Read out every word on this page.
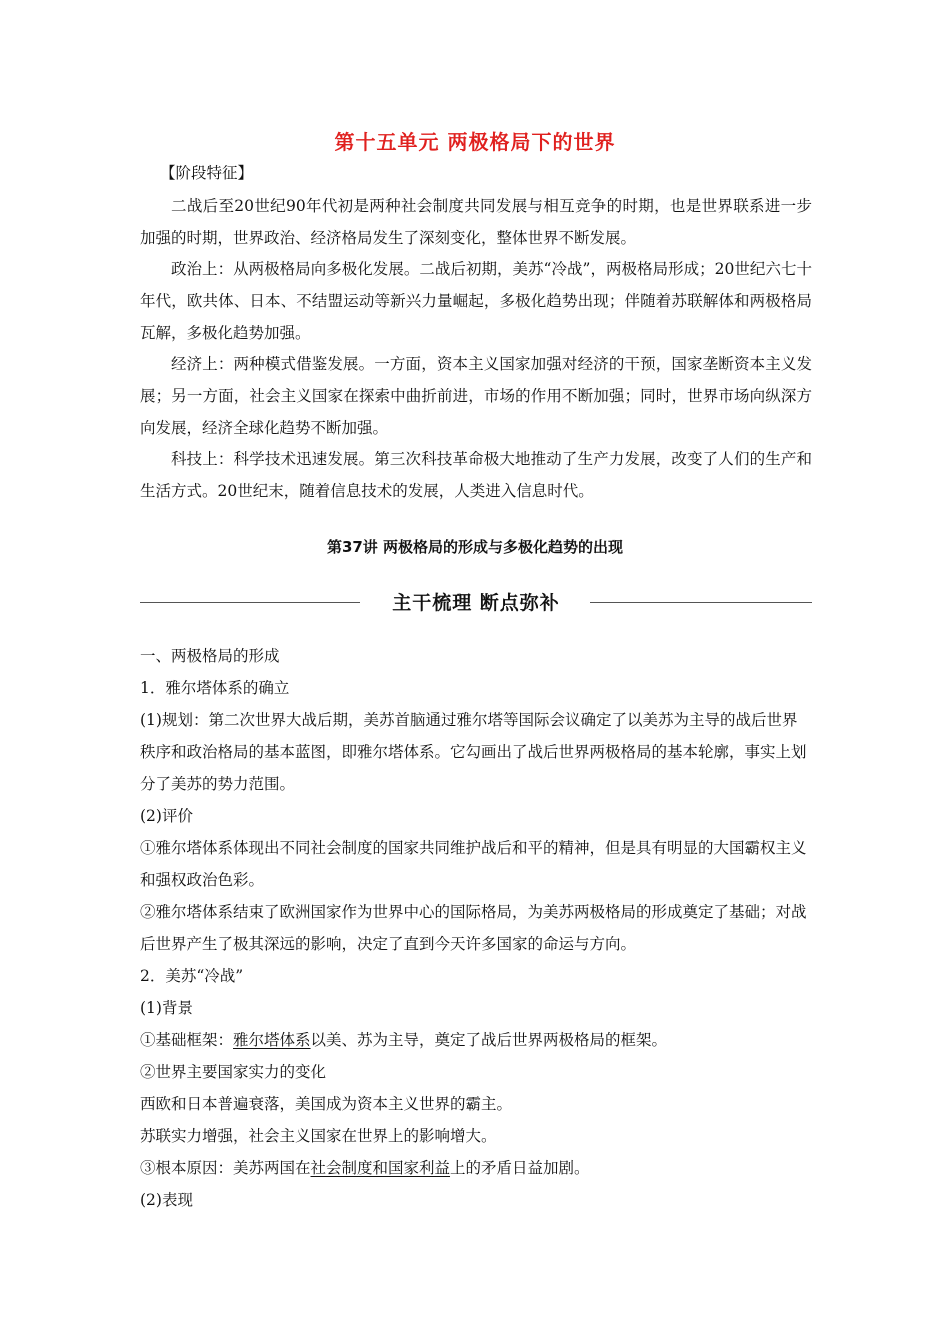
第十五单元 两极格局下的世界
【阶段特征】
二战后至20世纪90年代初是两种社会制度共同发展与相互竞争的时期，也是世界联系进一步加强的时期，世界政治、经济格局发生了深刻变化，整体世界不断发展。
政治上：从两极格局向多极化发展。二战后初期，美苏“冷战”，两极格局形成；20世纪六七十年代，欧共体、日本、不结盟运动等新兴力量崛起，多极化趋势出现；伴随着苏联解体和两极格局瓦解，多极化趋势加强。
经济上：两种模式借鉴发展。一方面，资本主义国家加强对经济的干预，国家垄断资本主义发展；另一方面，社会主义国家在探索中曲折前进，市场的作用不断加强；同时，世界市场向纵深方向发展，经济全球化趋势不断加强。
科技上：科学技术迅速发展。第三次科技革命极大地推动了生产力发展，改变了人们的生产和生活方式。20世纪末，随着信息技术的发展，人类进入信息时代。
第37讲 两极格局的形成与多极化趋势的出现
主干梳理 断点弥补
一、两极格局的形成
1．雅尔塔体系的确立
(1)规划：第二次世界大战后期，美苏首脑通过雅尔塔等国际会议确定了以美苏为主导的战后世界秩序和政治格局的基本蓝图，即雅尔塔体系。它勾画出了战后世界两极格局的基本轮廓，事实上划分了美苏的势力范围。
(2)评价
①雅尔塔体系体现出不同社会制度的国家共同维护战后和平的精神，但是具有明显的大国霸权主义和强权政治色彩。
②雅尔塔体系结束了欧洲国家作为世界中心的国际格局，为美苏两极格局的形成奠定了基础；对战后世界产生了极其深远的影响，决定了直到今天许多国家的命运与方向。
2．美苏“冷战”
(1)背景
①基础框架：雅尔塔体系以美、苏为主导，奠定了战后世界两极格局的框架。
②世界主要国家实力的变化
西欧和日本普遍衰落，美国成为资本主义世界的霸主。
苏联实力增强，社会主义国家在世界上的影响增大。
③根本原因：美苏两国在社会制度和国家利益上的矛盾日益加剧。
(2)表现
